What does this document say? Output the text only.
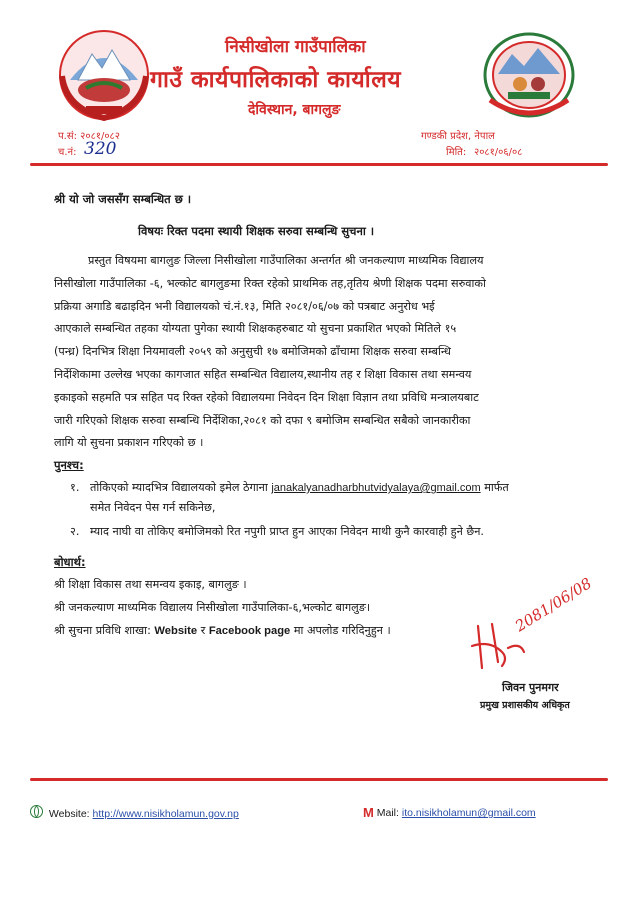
निसीखोला गाउँपालिका
गाउँ कार्यपालिकाको कार्यालय
देविस्थान, बागलुङ
प.सं: २०८१/०८२
च.नं: 320
गण्डकी प्रदेश, नेपाल
मिति: २०८१/०६/०८
श्री यो जो जससँग सम्बन्धित छ ।
विषयः रिक्त पदमा स्थायी शिक्षक सरुवा सम्बन्धि सुचना ।
प्रस्तुत विषयमा बागलुङ जिल्ला निसीखोला गाउँपालिका अन्तर्गत श्री जनकल्याण माध्यमिक विद्यालय
निसीखोला गाउँपालिका -६, भल्कोट बागलुङमा रिक्त रहेको प्राथमिक तह,तृतिय श्रेणी शिक्षक पदमा सरुवाको
प्रक्रिया अगाडि बढाइदिन भनी विद्यालयको चं.नं.१३, मिति २०८१/०६/०७ को पत्रबाट अनुरोध भई
आएकाले सम्बन्धित तहका योग्यता पुगेका स्थायी शिक्षकहरुबाट यो सुचना प्रकाशित भएको मितिले १५
(पन्ध्र) दिनभित्र शिक्षा नियमावली २०५९ को अनुसुची १७ बमोजिमको ढाँचामा शिक्षक सरुवा सम्बन्धि
निर्देशिकामा उल्लेख भएका कागजात सहित सम्बन्धित विद्यालय,स्थानीय तह र शिक्षा विकास तथा समन्वय
इकाइको सहमति पत्र सहित पद रिक्त रहेको विद्यालयमा निवेदन दिन शिक्षा विज्ञान तथा प्रविधि मन्त्रालयबाट
जारी गरिएको शिक्षक सरुवा सम्बन्धि निर्देशिका,२०८१ को दफा ९ बमोजिम सम्बन्धित सबैको जानकारीका
लागि यो सुचना प्रकाशन गरिएको छ ।
पुनश्च:
१. तोकिएको म्यादभित्र विद्यालयको इमेल ठेगाना janakalyanadharbhutvidyalaya@gmail.com मार्फत
समेत निवेदन पेस गर्न सकिनेछ,
२. म्याद नाघी वा तोकिए बमोजिमको रित नपुगी प्राप्त हुन आएका निवेदन माथी कुनै कारवाही हुने छैन.
बोधार्थ:
श्री शिक्षा विकास तथा समन्वय इकाइ, बागलुङ ।
श्री जनकल्याण माध्यमिक विद्यालय निसीखोला गाउँपालिका-६,भल्कोट बागलुङ।
श्री सुचना प्रविधि शाखा: Website र Facebook page मा अपलोड गरिदिनुहुन ।	2081/06/08
जिवन पुनमगर
प्रमुख प्रशासकीय अधिकृत
Website: http://www.nisikholamun.gov.np	M Mail: ito.nisikholamun@gmail.com
